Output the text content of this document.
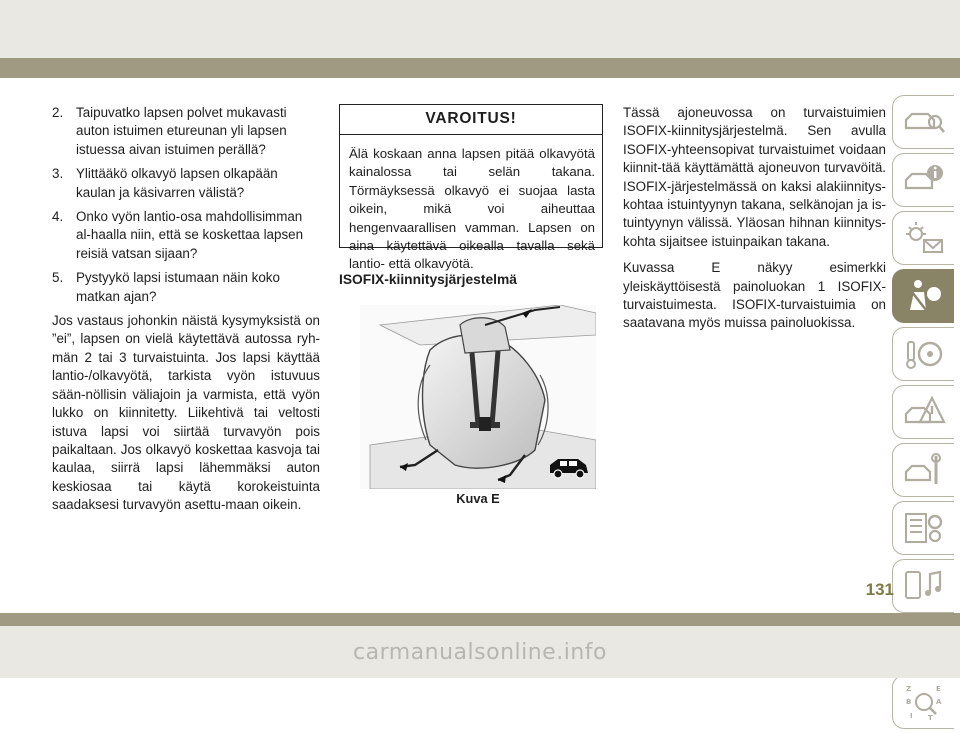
2. Taipuvatko lapsen polvet mukavasti auton istuimen etureunan yli lapsen istuessa aivan istuimen perällä?
3. Ylittääkö olkavyö lapsen olkapään kaulan ja käsivarren välistä?
4. Onko vyön lantio-osa mahdollisimman al-haalla niin, että se koskettaa lapsen reisiä vatsan sijaan?
5. Pystyykö lapsi istumaan näin koko matkan ajan?

Jos vastaus johonkin näistä kysymyksistä on ”ei”, lapsen on vielä käytettävä autossa ryh-män 2 tai 3 turvaistuinta. Jos lapsi käyttää lantio-/olkavyötä, tarkista vyön istuvuus sään-nöllisin väliajoin ja varmista, että vyön lukko on kiinnitetty. Liikehtivä tai veltosti istuva lapsi voi siirtää turvavyön pois paikaltaan. Jos olkavyö koskettaa kasvoja tai kaulaa, siirrä lapsi lähemmäksi auton keskiosaa tai käytä korokeistuinta saadaksesi turvavyön asettu-maan oikein.

VAROITUS!
Älä koskaan anna lapsen pitää olkavyötä kainalossa tai selän takana. Törmäyksessä olkavyö ei suojaa lasta oikein, mikä voi aiheuttaa hengenvaarallisen vamman. Lapsen on aina käytettävä oikealla tavalla sekä lantio- että olkavyötä.
ISOFIX-kiinnitysjärjestelmä
Kuva E

Tässä ajoneuvossa on turvaistuimien ISOFIX-kiinnitysjärjestelmä. Sen avulla ISOFIX-yhteensopivat turvaistuimet voidaan kiinnit-tää käyttämättä ajoneuvon turvavöitä. ISOFIX-järjestelmässä on kaksi alakiinnitys-kohtaa istuintyynyn takana, selkänojan ja is-tuintyynyn välissä. Yläosan hihnan kiinnitys-kohta sijaitsee istuinpaikan takana.

Kuvassa E näkyy esimerkki yleiskäyttöisestä painoluokan 1 ISOFIX-turvaistuimesta. ISOFIX-turvaistuimia on saatavana myös muissa painoluokissa.

Z	E
B	A
I T
131
carmanualsonline.info
